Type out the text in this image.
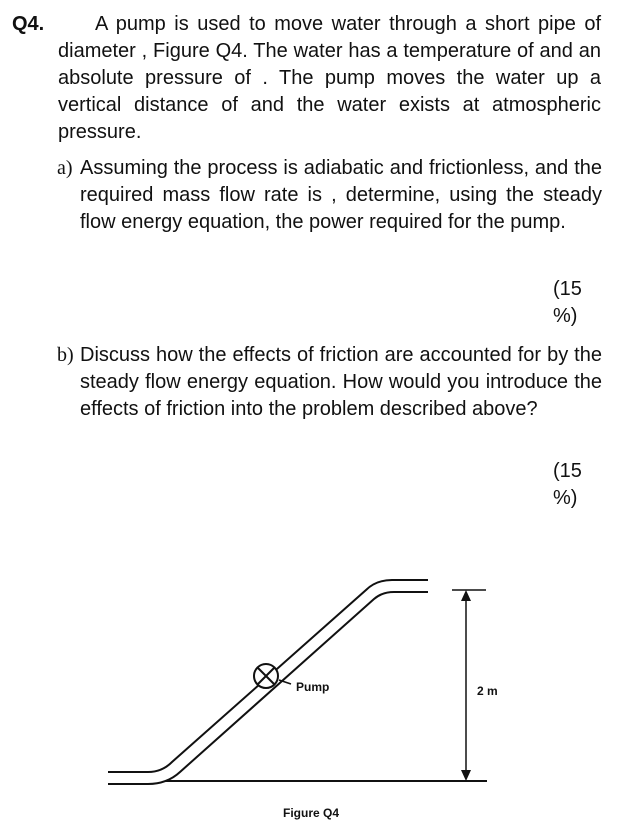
Q4.	A pump is used to move water through a short pipe of diameter , Figure Q4. The water has a temperature of and an absolute pressure of . The pump moves the water up a vertical distance of and the water exists at atmospheric pressure.

a) Assuming the process is adiabatic and frictionless, and the required mass flow rate is , determine, using the steady flow energy equation, the power required for the pump.
(15
%)
b) Discuss how the effects of friction are accounted for by the steady flow energy equation. How would you introduce the effects of friction into the problem described above?
(15
%)
Pump	2 m
Figure Q4
